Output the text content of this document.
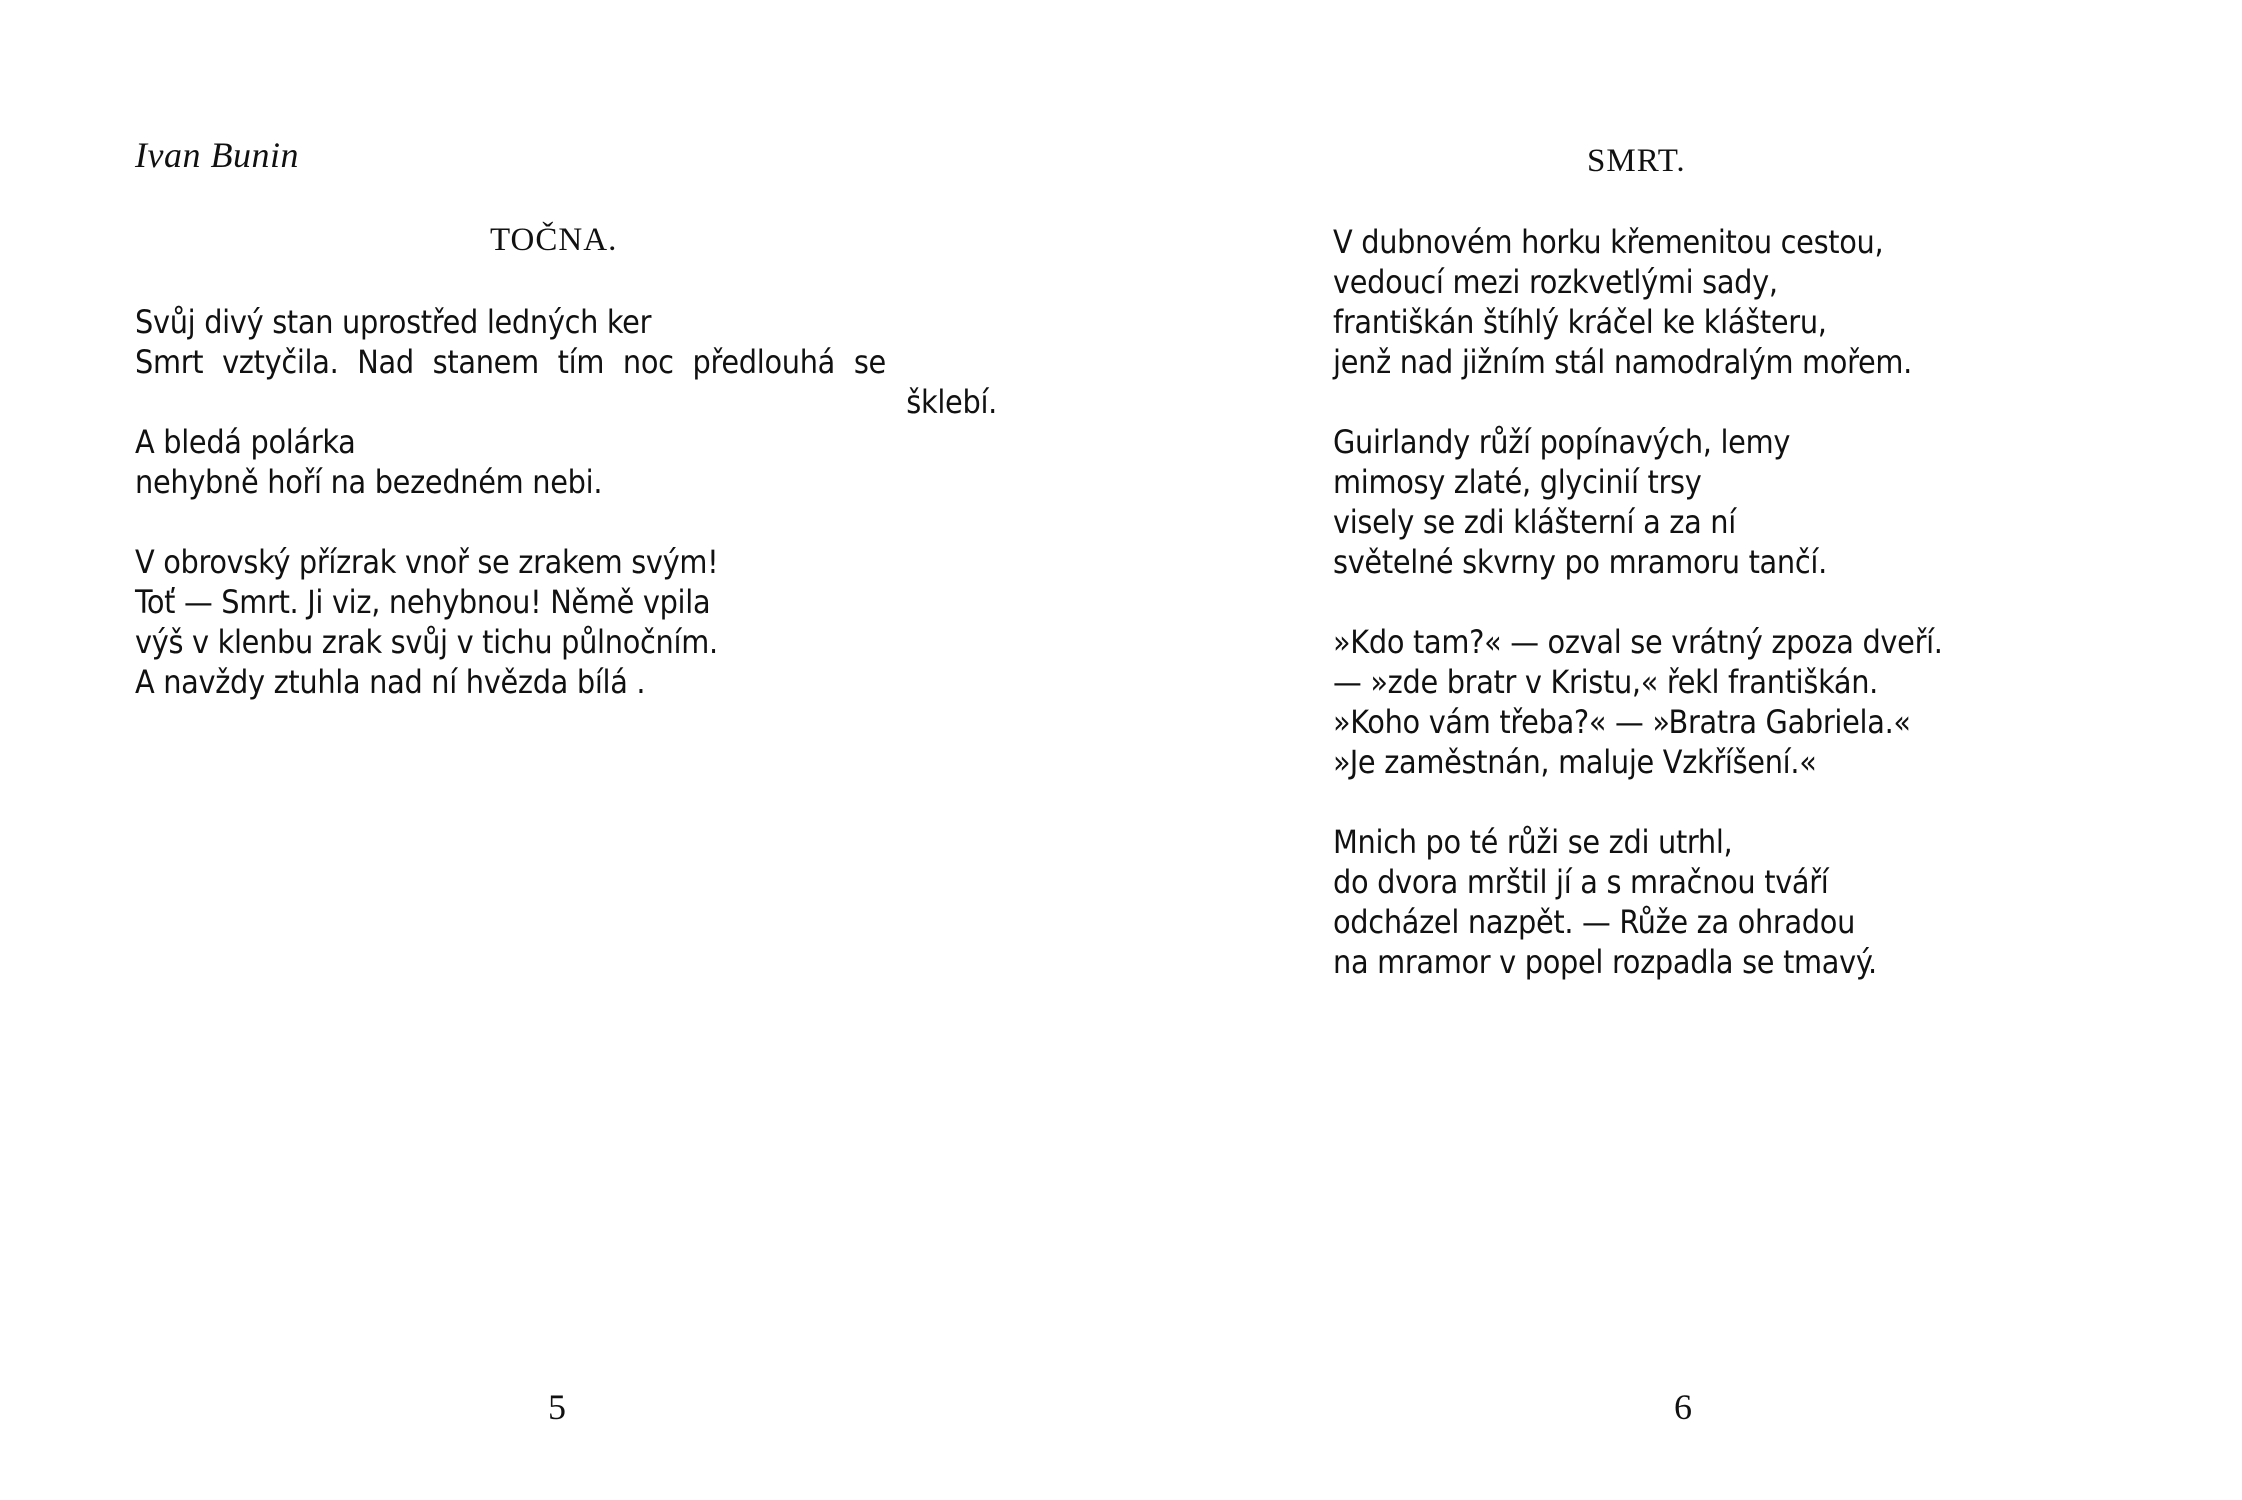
Ivan Bunin
TOČNA.
Svůj divý stan uprostřed ledných ker
Smrt vztyčila. Nad stanem tím noc předlouhá se
šklebí.
A bledá polárka
nehybně hoří na bezedném nebi.
V obrovský přízrak vnoř se zrakem svým!
Toť — Smrt. Ji viz, nehybnou! Němě vpila
výš v klenbu zrak svůj v tichu půlnočním.
A navždy ztuhla nad ní hvězda bílá .
5
SMRT.
V dubnovém horku křemenitou cestou,
vedoucí mezi rozkvetlými sady,
františkán štíhlý kráčel ke klášteru,
jenž nad jižním stál namodralým mořem.
Guirlandy růží popínavých, lemy
mimosy zlaté, glycinií trsy
visely se zdi klášterní a za ní
světelné skvrny po mramoru tančí.
»Kdo tam?« — ozval se vrátný zpoza dveří.
— »zde bratr v Kristu,« řekl františkán.
»Koho vám třeba?« — »Bratra Gabriela.«
»Je zaměstnán, maluje Vzkříšení.«
Mnich po té růži se zdi utrhl,
do dvora mrštil jí a s mračnou tváří
odcházel nazpět. — Růže za ohradou
na mramor v popel rozpadla se tmavý.
6
